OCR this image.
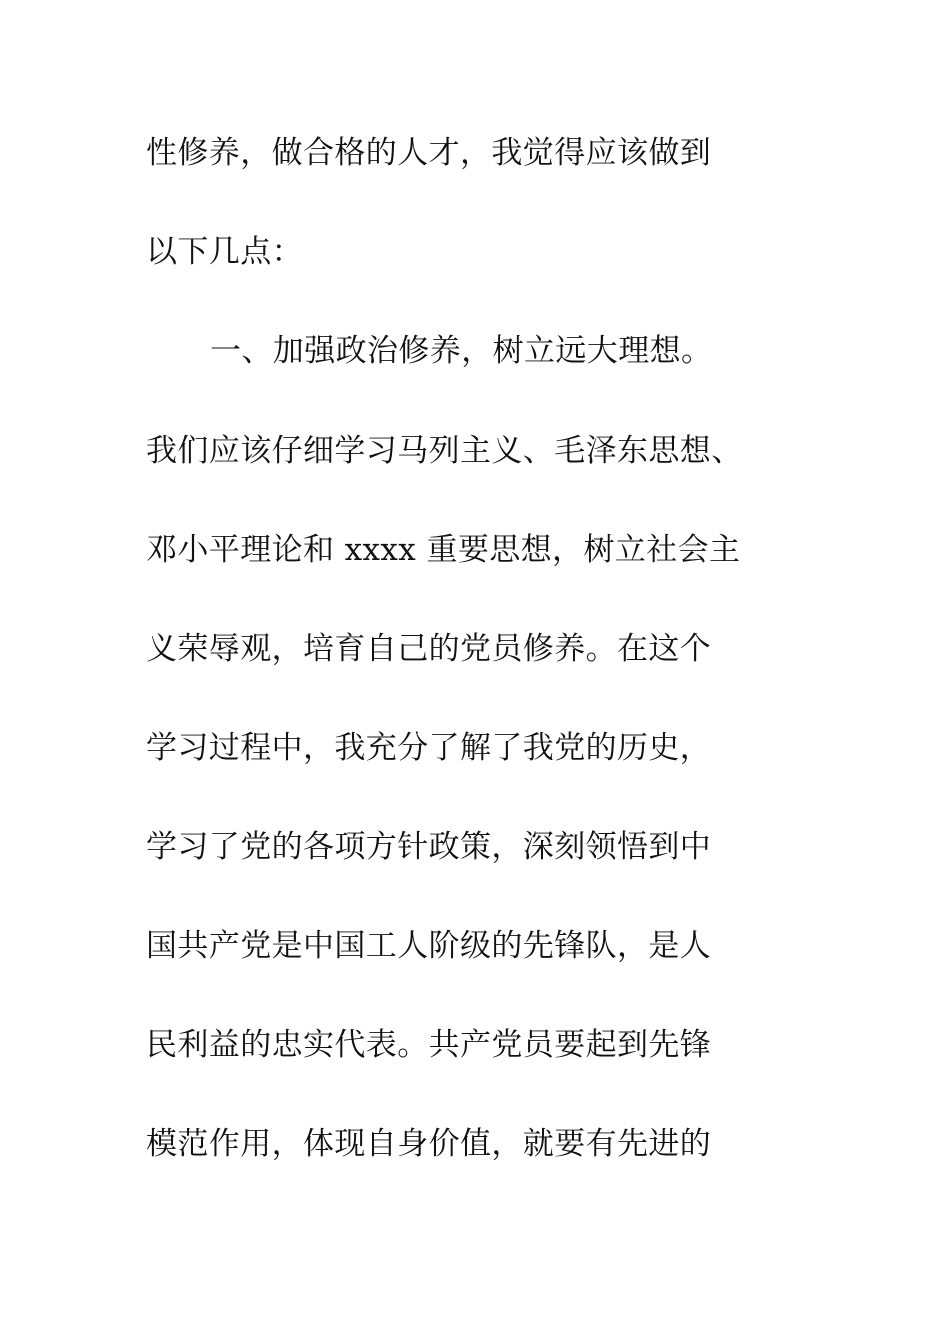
性修养，做合格的人才，我觉得应该做到
以下几点：
一、加强政治修养，树立远大理想。
我们应该仔细学习马列主义、毛泽东思想、
邓小平理论和 xxxx 重要思想，树立社会主
义荣辱观，培育自己的党员修养。在这个
学习过程中，我充分了解了我党的历史，
学习了党的各项方针政策，深刻领悟到中
国共产党是中国工人阶级的先锋队，是人
民利益的忠实代表。共产党员要起到先锋
模范作用，体现自身价值，就要有先进的
